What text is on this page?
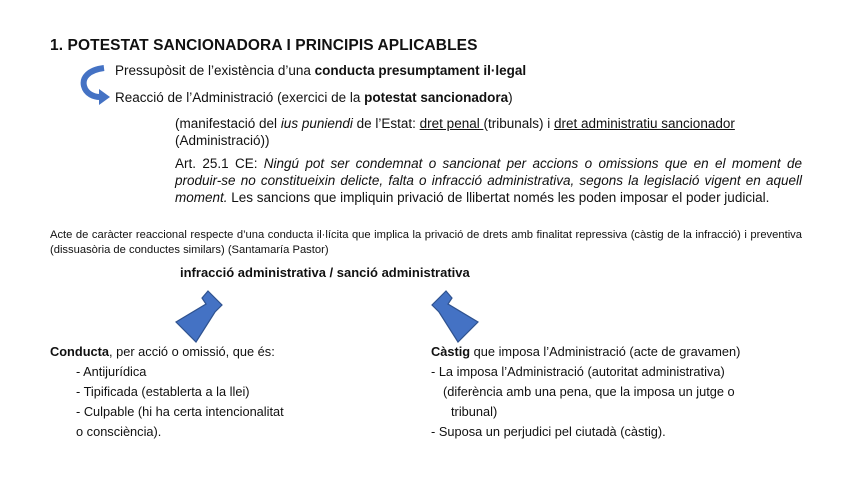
1. POTESTAT SANCIONADORA I PRINCIPIS APLICABLES
Pressupòsit de l’existència d’una conducta presumptament il·legal
Reacció de l’Administració (exercici de la potestat sancionadora)
(manifestació del ius puniendi de l’Estat: dret penal (tribunals) i dret administratiu sancionador
(Administració))
Art. 25.1 CE: Ningú pot ser condemnat o sancionat per accions o omissions que en el moment de produir-se no constitueixin delicte, falta o infracció administrativa, segons la legislació vigent en aquell moment. Les sancions que impliquin privació de llibertat només les poden imposar el poder judicial.
Acte de caràcter reaccional respecte d’una conducta il·lícita que implica la privació de drets amb finalitat repressiva (càstig de la infracció) i preventiva (dissuasòria de conductes similars) (Santamaría Pastor)
infracció administrativa / sanció administrativa
Conducta, per acció o omissió, que és:
- Antijurídica
- Tipificada (establerta a la llei)
- Culpable (hi ha certa intencionalitat
o consciència).
Càstig que imposa l’Administració (acte de gravamen)
- La imposa l’Administració (autoritat administrativa)
(diferència amb una pena, que la imposa un jutge o
tribunal)
- Suposa un perjudici pel ciutadà (càstig).
